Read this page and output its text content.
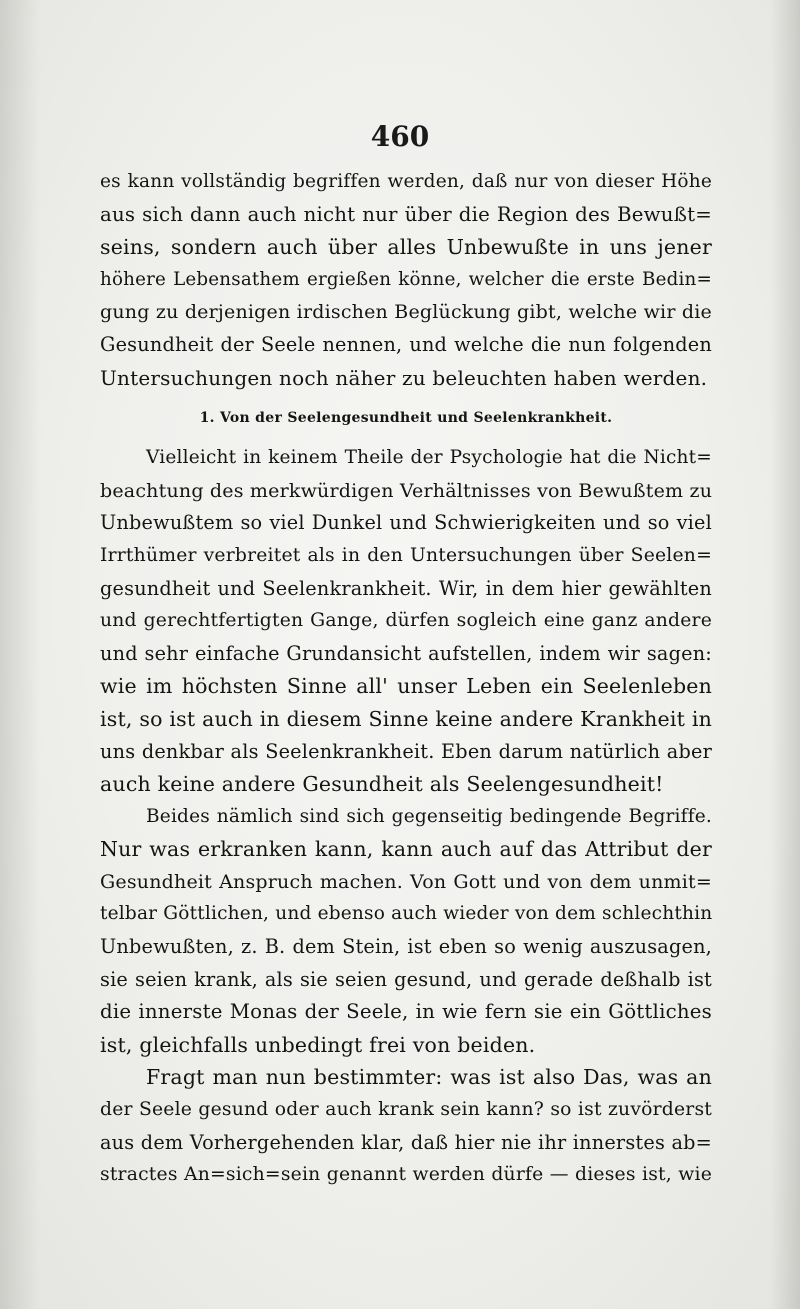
460
es kann vollständig begriffen werden, daß nur von dieser Höhe
aus sich dann auch nicht nur über die Region des Bewußt=
seins, sondern auch über alles Unbewußte in uns jener
höhere Lebensathem ergießen könne, welcher die erste Bedin=
gung zu derjenigen irdischen Beglückung gibt, welche wir die
Gesundheit der Seele nennen, und welche die nun folgenden
Untersuchungen noch näher zu beleuchten haben werden.
1. Von der Seelengesundheit und Seelenkrankheit.
Vielleicht in keinem Theile der Psychologie hat die Nicht=
beachtung des merkwürdigen Verhältnisses von Bewußtem zu
Unbewußtem so viel Dunkel und Schwierigkeiten und so viel
Irrthümer verbreitet als in den Untersuchungen über Seelen=
gesundheit und Seelenkrankheit. Wir, in dem hier gewählten
und gerechtfertigten Gange, dürfen sogleich eine ganz andere
und sehr einfache Grundansicht aufstellen, indem wir sagen:
wie im höchsten Sinne all' unser Leben ein Seelenleben
ist, so ist auch in diesem Sinne keine andere Krankheit in
uns denkbar als Seelenkrankheit. Eben darum natürlich aber
auch keine andere Gesundheit als Seelengesundheit!
Beides nämlich sind sich gegenseitig bedingende Begriffe.
Nur was erkranken kann, kann auch auf das Attribut der
Gesundheit Anspruch machen. Von Gott und von dem unmit=
telbar Göttlichen, und ebenso auch wieder von dem schlechthin
Unbewußten, z. B. dem Stein, ist eben so wenig auszusagen,
sie seien krank, als sie seien gesund, und gerade deßhalb ist
die innerste Monas der Seele, in wie fern sie ein Göttliches
ist, gleichfalls unbedingt frei von beiden.
Fragt man nun bestimmter: was ist also Das, was an
der Seele gesund oder auch krank sein kann? so ist zuvörderst
aus dem Vorhergehenden klar, daß hier nie ihr innerstes ab=
stractes An=sich=sein genannt werden dürfe — dieses ist, wie
